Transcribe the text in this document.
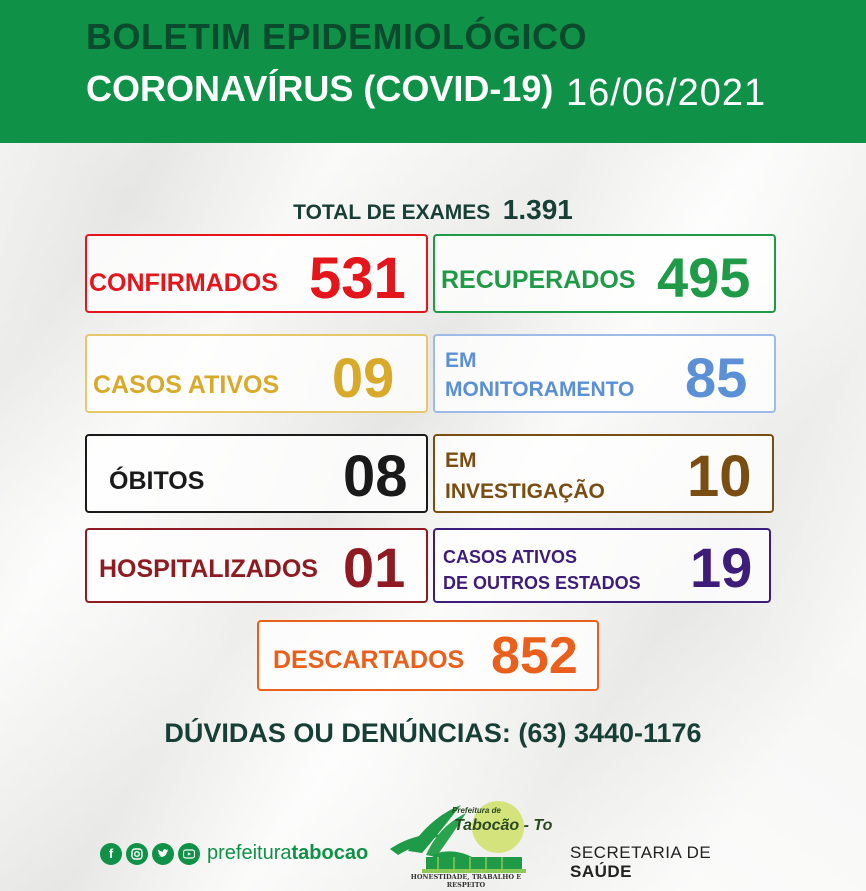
BOLETIM EPIDEMIOLÓGICO
CORONAVÍRUS (COVID-19) 16/06/2021
TOTAL DE EXAMES 1.391
CONFIRMADOS 531 RECUPERADOS 495
CASOS ATIVOS 09 EM
MONITORAMENTO 85
ÓBITOS 08 EM
INVESTIGAÇÃO 10
HOSPITALIZADOS 01 CASOS ATIVOS
DE OUTROS ESTADOS 19
DESCARTADOS 852
DÚVIDAS OU DENÚNCIAS: (63) 3440-1176
f	prefeituratabocao
Prefeitura de
Tabocão - To
HONESTIDADE, TRABALHO E RESPEITO
SECRETARIA DE
SAÚDE
